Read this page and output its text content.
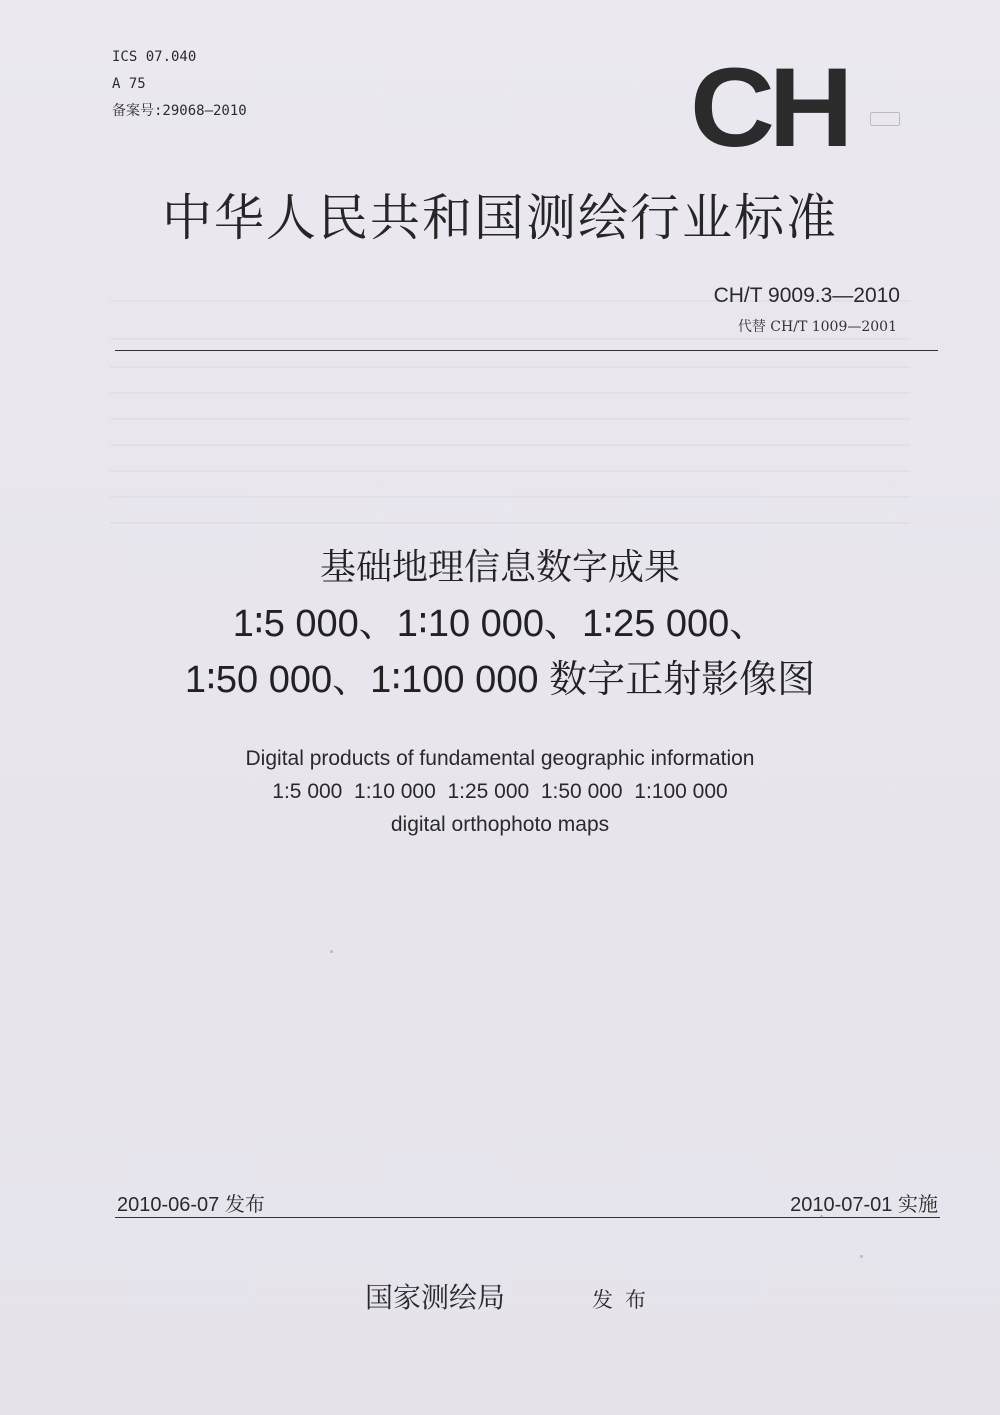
ICS 07.040
A 75
备案号:29068—2010	CH
中华人民共和国测绘行业标准
CH/T 9009.3—2010
代替 CH/T 1009—2001
基础地理信息数字成果
1∶5 000、1∶10 000、1∶25 000、
1∶50 000、1∶100 000 数字正射影像图
Digital products of fundamental geographic information
1:5 000  1:10 000  1:25 000  1:50 000  1:100 000
digital orthophoto maps
2010-06-07 发布	2010-07-01 实施
国家测绘局	发布
